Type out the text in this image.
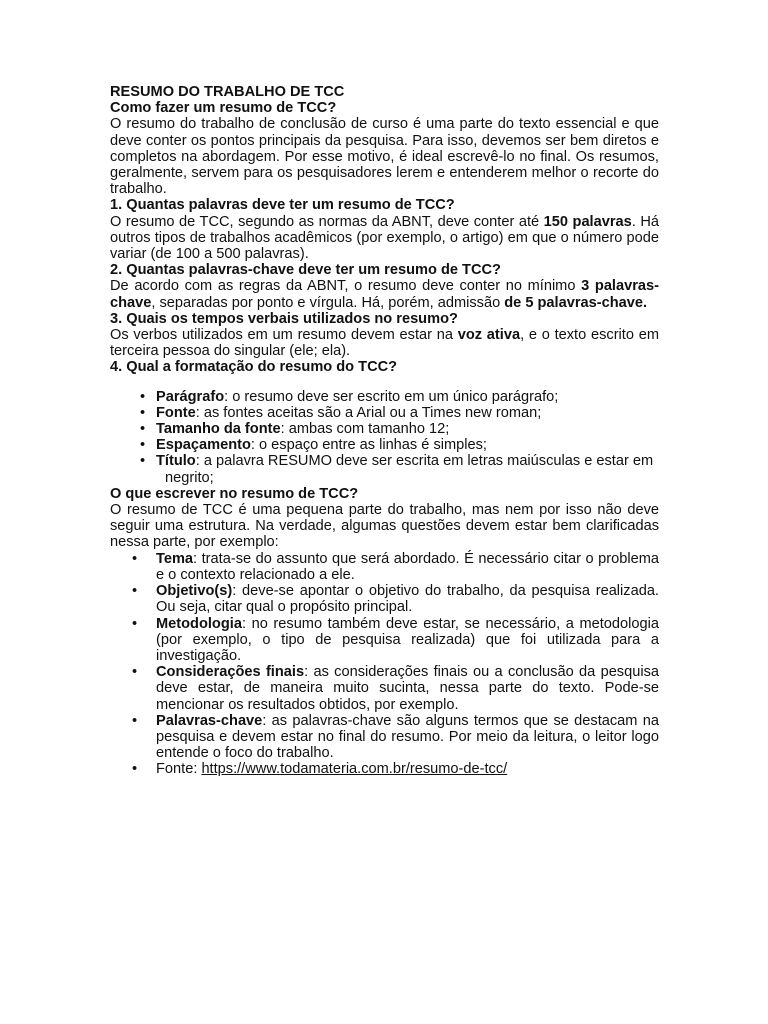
RESUMO DO TRABALHO DE TCC
Como fazer um resumo de TCC?
O resumo do trabalho de conclusão de curso é uma parte do texto essencial e que deve conter os pontos principais da pesquisa. Para isso, devemos ser bem diretos e completos na abordagem. Por esse motivo, é ideal escrevê-lo no final. Os resumos, geralmente, servem para os pesquisadores lerem e entenderem melhor o recorte do trabalho.
1. Quantas palavras deve ter um resumo de TCC?
O resumo de TCC, segundo as normas da ABNT, deve conter até 150 palavras. Há outros tipos de trabalhos acadêmicos (por exemplo, o artigo) em que o número pode variar (de 100 a 500 palavras).
2. Quantas palavras-chave deve ter um resumo de TCC?
De acordo com as regras da ABNT, o resumo deve conter no mínimo 3 palavras-chave, separadas por ponto e vírgula. Há, porém, admissão de 5 palavras-chave.
3. Quais os tempos verbais utilizados no resumo?
Os verbos utilizados em um resumo devem estar na voz ativa, e o texto escrito em terceira pessoa do singular (ele; ela).
4. Qual a formatação do resumo do TCC?
• Parágrafo: o resumo deve ser escrito em um único parágrafo;
• Fonte: as fontes aceitas são a Arial ou a Times new roman;
• Tamanho da fonte: ambas com tamanho 12;
• Espaçamento: o espaço entre as linhas é simples;
• Título: a palavra RESUMO deve ser escrita em letras maiúsculas e estar em
negrito;
O que escrever no resumo de TCC?
O resumo de TCC é uma pequena parte do trabalho, mas nem por isso não deve seguir uma estrutura. Na verdade, algumas questões devem estar bem clarificadas nessa parte, por exemplo:
• Tema: trata-se do assunto que será abordado. É necessário citar o problema e o contexto relacionado a ele.
• Objetivo(s): deve-se apontar o objetivo do trabalho, da pesquisa realizada. Ou seja, citar qual o propósito principal.
• Metodologia: no resumo também deve estar, se necessário, a metodologia (por exemplo, o tipo de pesquisa realizada) que foi utilizada para a investigação.
• Considerações finais: as considerações finais ou a conclusão da pesquisa deve estar, de maneira muito sucinta, nessa parte do texto. Pode-se mencionar os resultados obtidos, por exemplo.
• Palavras-chave: as palavras-chave são alguns termos que se destacam na pesquisa e devem estar no final do resumo. Por meio da leitura, o leitor logo entende o foco do trabalho.
• Fonte: https://www.todamateria.com.br/resumo-de-tcc/
